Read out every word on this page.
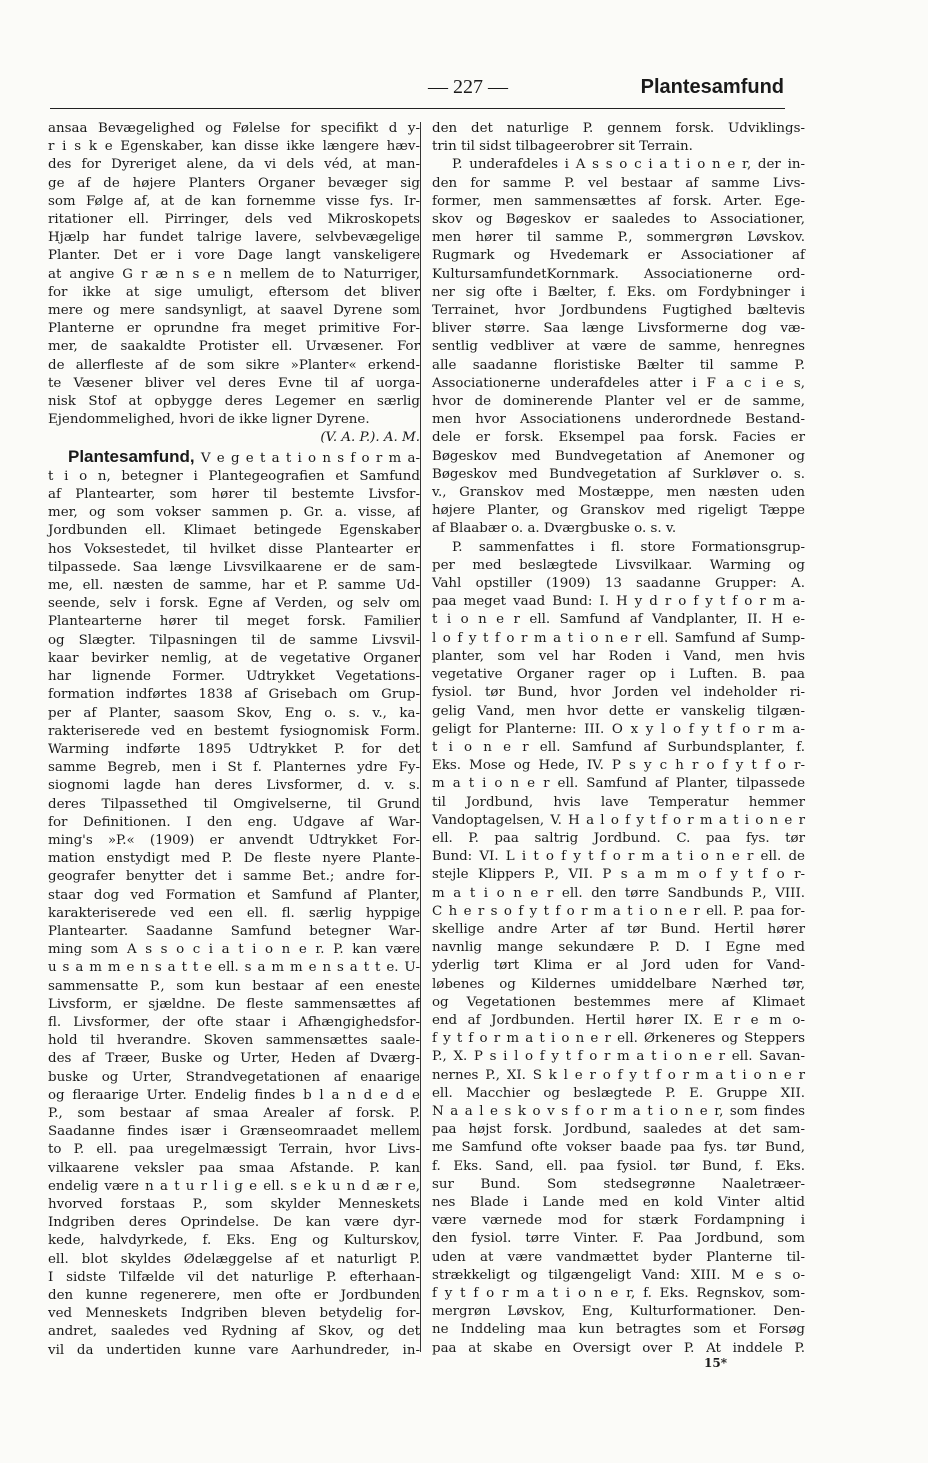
— 227 —	Plantesamfund
ansaa Bevægelighed og Følelse for specifikt d y-
r i s k e Egenskaber, kan disse ikke længere hæv-
des for Dyreriget alene, da vi dels véd, at man-
ge af de højere Planters Organer bevæger sig
som Følge af, at de kan fornemme visse fys. Ir-
ritationer ell. Pirringer, dels ved Mikroskopets
Hjælp har fundet talrige lavere, selvbevægelige
Planter. Det er i vore Dage langt vanskeligere
at angive G r æ n s e n mellem de to Naturriger,
for ikke at sige umuligt, eftersom det bliver
mere og mere sandsynligt, at saavel Dyrene som
Planterne er oprundne fra meget primitive For-
mer, de saakaldte Protister ell. Urvæsener. For
de allerfleste af de som sikre »Planter« erkend-
te Væsener bliver vel deres Evne til af uorga-
nisk Stof at opbygge deres Legemer en særlig
Ejendommelighed, hvori de ikke ligner Dyrene.
(V. A. P.). A. M.
Plantesamfund, V e g e t a t i o n s f o r m a-
t i o n, betegner i Plantegeografien et Samfund
af Plantearter, som hører til bestemte Livsfor-
mer, og som vokser sammen p. Gr. a. visse, af
Jordbunden ell. Klimaet betingede Egenskaber
hos Voksestedet, til hvilket disse Plantearter er
tilpassede. Saa længe Livsvilkaarene er de sam-
me, ell. næsten de samme, har et P. samme Ud-
seende, selv i forsk. Egne af Verden, og selv om
Plantearterne hører til meget forsk. Familier
og Slægter. Tilpasningen til de samme Livsvil-
kaar bevirker nemlig, at de vegetative Organer
har lignende Former. Udtrykket Vegetations-
formation indførtes 1838 af Grisebach om Grup-
per af Planter, saasom Skov, Eng o. s. v., ka-
rakteriserede ved en bestemt fysiognomisk Form.
Warming indførte 1895 Udtrykket P. for det
samme Begreb, men i St f. Planternes ydre Fy-
siognomi lagde han deres Livsformer, d. v. s.
deres Tilpassethed til Omgivelserne, til Grund
for Definitionen. I den eng. Udgave af War-
ming's »P.« (1909) er anvendt Udtrykket For-
mation enstydigt med P. De fleste nyere Plante-
geografer benytter det i samme Bet.; andre for-
staar dog ved Formation et Samfund af Planter,
karakteriserede ved een ell. fl. særlig hyppige
Plantearter. Saadanne Samfund betegner War-
ming som A s s o c i a t i o n e r. P. kan være
u s a m m e n s a t t e ell. s a m m e n s a t t e. U-
sammensatte P., som kun bestaar af een eneste
Livsform, er sjældne. De fleste sammensættes af
fl. Livsformer, der ofte staar i Afhængighedsfor-
hold til hverandre. Skoven sammensættes saale-
des af Træer, Buske og Urter, Heden af Dværg-
buske og Urter, Strandvegetationen af enaarige
og fleraarige Urter. Endelig findes b l a n d e d e
P., som bestaar af smaa Arealer af forsk. P.
Saadanne findes især i Grænseomraadet mellem
to P. ell. paa uregelmæssigt Terrain, hvor Livs-
vilkaarene veksler paa smaa Afstande. P. kan
endelig være n a t u r l i g e ell. s e k u n d æ r e,
hvorved forstaas P., som skylder Menneskets
Indgriben deres Oprindelse. De kan være dyr-
kede, halvdyrkede, f. Eks. Eng og Kulturskov,
ell. blot skyldes Ødelæggelse af et naturligt P.
I sidste Tilfælde vil det naturlige P. efterhaan-
den kunne regenerere, men ofte er Jordbunden
ved Menneskets Indgriben bleven betydelig for-
andret, saaledes ved Rydning af Skov, og det
vil da undertiden kunne vare Aarhundreder, in-
den det naturlige P. gennem forsk. Udviklings-
trin til sidst tilbageerobrer sit Terrain.
P. underafdeles i A s s o c i a t i o n e r, der in-
den for samme P. vel bestaar af samme Livs-
former, men sammensættes af forsk. Arter. Ege-
skov og Bøgeskov er saaledes to Associationer,
men hører til samme P., sommergrøn Løvskov.
Rugmark og Hvedemark er Associationer af
KultursamfundetKornmark. Associationerne ord-
ner sig ofte i Bælter, f. Eks. om Fordybninger i
Terrainet, hvor Jordbundens Fugtighed bæltevis
bliver større. Saa længe Livsformerne dog væ-
sentlig vedbliver at være de samme, henregnes
alle saadanne floristiske Bælter til samme P.
Associationerne underafdeles atter i F a c i e s,
hvor de dominerende Planter vel er de samme,
men hvor Associationens underordnede Bestand-
dele er forsk. Eksempel paa forsk. Facies er
Bøgeskov med Bundvegetation af Anemoner og
Bøgeskov med Bundvegetation af Surkløver o. s.
v., Granskov med Mostæppe, men næsten uden
højere Planter, og Granskov med rigeligt Tæppe
af Blaabær o. a. Dværgbuske o. s. v.
P. sammenfattes i fl. store Formationsgrup-
per med beslægtede Livsvilkaar. Warming og
Vahl opstiller (1909) 13 saadanne Grupper: A.
paa meget vaad Bund: I. H y d r o f y t f o r m a-
t i o n e r ell. Samfund af Vandplanter, II. H e-
l o f y t f o r m a t i o n e r ell. Samfund af Sump-
planter, som vel har Roden i Vand, men hvis
vegetative Organer rager op i Luften. B. paa
fysiol. tør Bund, hvor Jorden vel indeholder ri-
gelig Vand, men hvor dette er vanskelig tilgæn-
geligt for Planterne: III. O x y l o f y t f o r m a-
t i o n e r ell. Samfund af Surbundsplanter, f.
Eks. Mose og Hede, IV. P s y c h r o f y t f o r-
m a t i o n e r ell. Samfund af Planter, tilpassede
til Jordbund, hvis lave Temperatur hemmer
Vandoptagelsen, V. H a l o f y t f o r m a t i o n e r
ell. P. paa saltrig Jordbund. C. paa fys. tør
Bund: VI. L i t o f y t f o r m a t i o n e r ell. de
stejle Klippers P., VII. P s a m m o f y t f o r-
m a t i o n e r ell. den tørre Sandbunds P., VIII.
C h e r s o f y t f o r m a t i o n e r ell. P. paa for-
skellige andre Arter af tør Bund. Hertil hører
navnlig mange sekundære P. D. I Egne med
yderlig tørt Klima er al Jord uden for Vand-
løbenes og Kildernes umiddelbare Nærhed tør,
og Vegetationen bestemmes mere af Klimaet
end af Jordbunden. Hertil hører IX. E r e m o-
f y t f o r m a t i o n e r ell. Ørkeneres og Steppers
P., X. P s i l o f y t f o r m a t i o n e r ell. Savan-
nernes P., XI. S k l e r o f y t f o r m a t i o n e r
ell. Macchier og beslægtede P. E. Gruppe XII.
N a a l e s k o v s f o r m a t i o n e r, som findes
paa højst forsk. Jordbund, saaledes at det sam-
me Samfund ofte vokser baade paa fys. tør Bund,
f. Eks. Sand, ell. paa fysiol. tør Bund, f. Eks.
sur Bund. Som stedsegrønne Naaletræer-
nes Blade i Lande med en kold Vinter altid
være værnede mod for stærk Fordampning i
den fysiol. tørre Vinter. F. Paa Jordbund, som
uden at være vandmættet byder Planterne til-
strækkeligt og tilgængeligt Vand: XIII. M e s o-
f y t f o r m a t i o n e r, f. Eks. Regnskov, som-
mergrøn Løvskov, Eng, Kulturformationer. Den-
ne Inddeling maa kun betragtes som et Forsøg
paa at skabe en Oversigt over P. At inddele P.
15*
